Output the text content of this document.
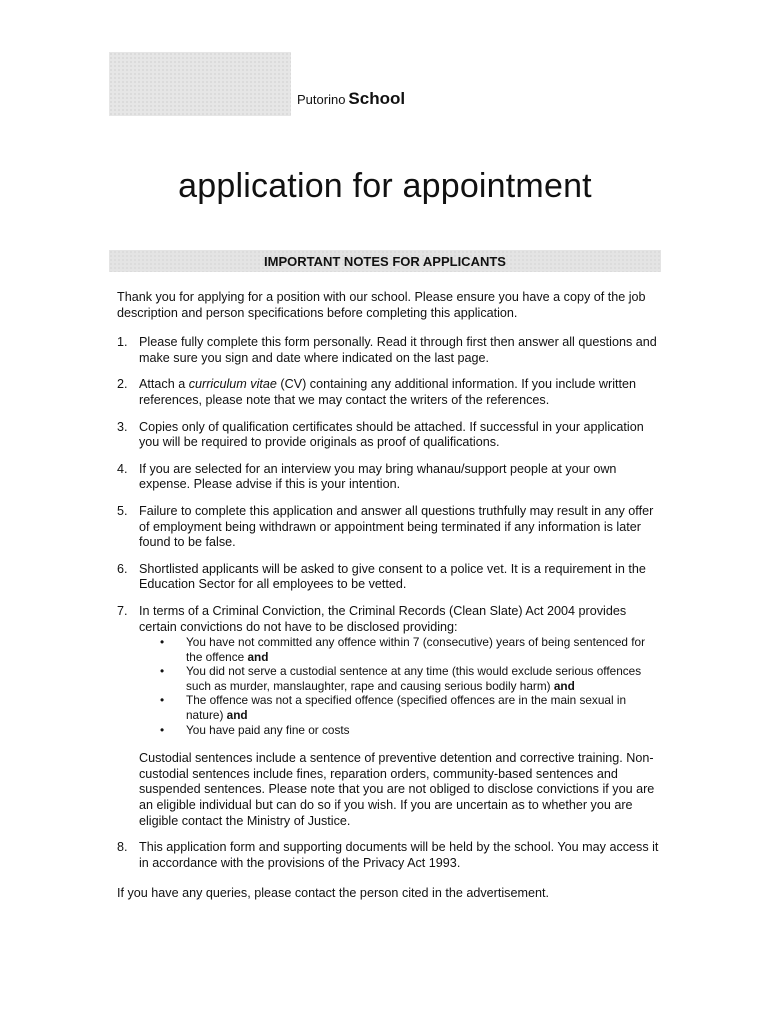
Putorino School
application for appointment
IMPORTANT NOTES FOR APPLICANTS

Thank you for applying for a position with our school. Please ensure you have a copy of the job description and person specifications before completing this application.

1. Please fully complete this form personally. Read it through first then answer all questions and make sure you sign and date where indicated on the last page.
2. Attach a curriculum vitae (CV) containing any additional information. If you include written references, please note that we may contact the writers of the references.
3. Copies only of qualification certificates should be attached. If successful in your application you will be required to provide originals as proof of qualifications.
4. If you are selected for an interview you may bring whanau/support people at your own expense. Please advise if this is your intention.
5. Failure to complete this application and answer all questions truthfully may result in any offer of employment being withdrawn or appointment being terminated if any information is later found to be false.
6. Shortlisted applicants will be asked to give consent to a police vet. It is a requirement in the Education Sector for all employees to be vetted.
7. In terms of a Criminal Conviction, the Criminal Records (Clean Slate) Act 2004 provides certain convictions do not have to be disclosed providing:
• You have not committed any offence within 7 (consecutive) years of being sentenced for the offence and
• You did not serve a custodial sentence at any time (this would exclude serious offences such as murder, manslaughter, rape and causing serious bodily harm) and
• The offence was not a specified offence (specified offences are in the main sexual in nature) and
• You have paid any fine or costs

Custodial sentences include a sentence of preventive detention and corrective training. Non-custodial sentences include fines, reparation orders, community-based sentences and suspended sentences. Please note that you are not obliged to disclose convictions if you are an eligible individual but can do so if you wish. If you are uncertain as to whether you are eligible contact the Ministry of Justice.

8. This application form and supporting documents will be held by the school. You may access it in accordance with the provisions of the Privacy Act 1993.

If you have any queries, please contact the person cited in the advertisement.
